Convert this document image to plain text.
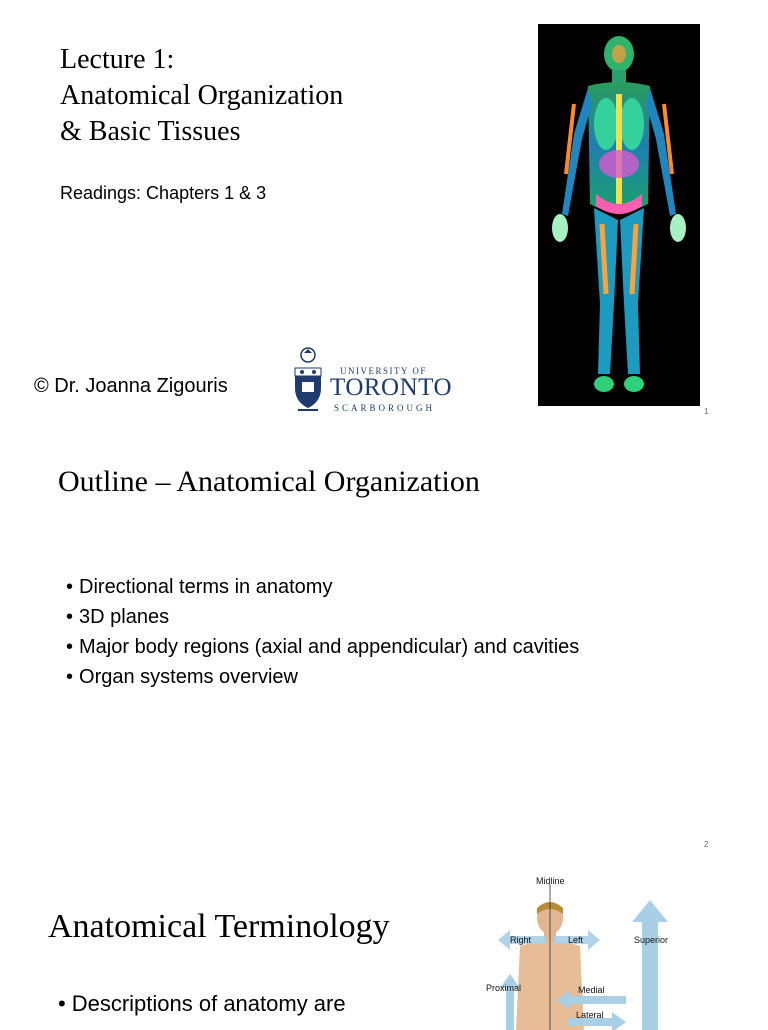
Lecture 1:
Anatomical Organization
& Basic Tissues
Readings: Chapters 1 & 3
© Dr. Joanna Zigouris
UNIVERSITY OF
TORONTO
SCARBOROUGH	1
Outline – Anatomical Organization
• Directional terms in anatomy
• 3D planes
• Major body regions (axial and appendicular) and cavities
• Organ systems overview
2
Anatomical Terminology
• Descriptions of anatomy are
Midline
Right	Left	Superior
Proximal	Medial
Lateral
